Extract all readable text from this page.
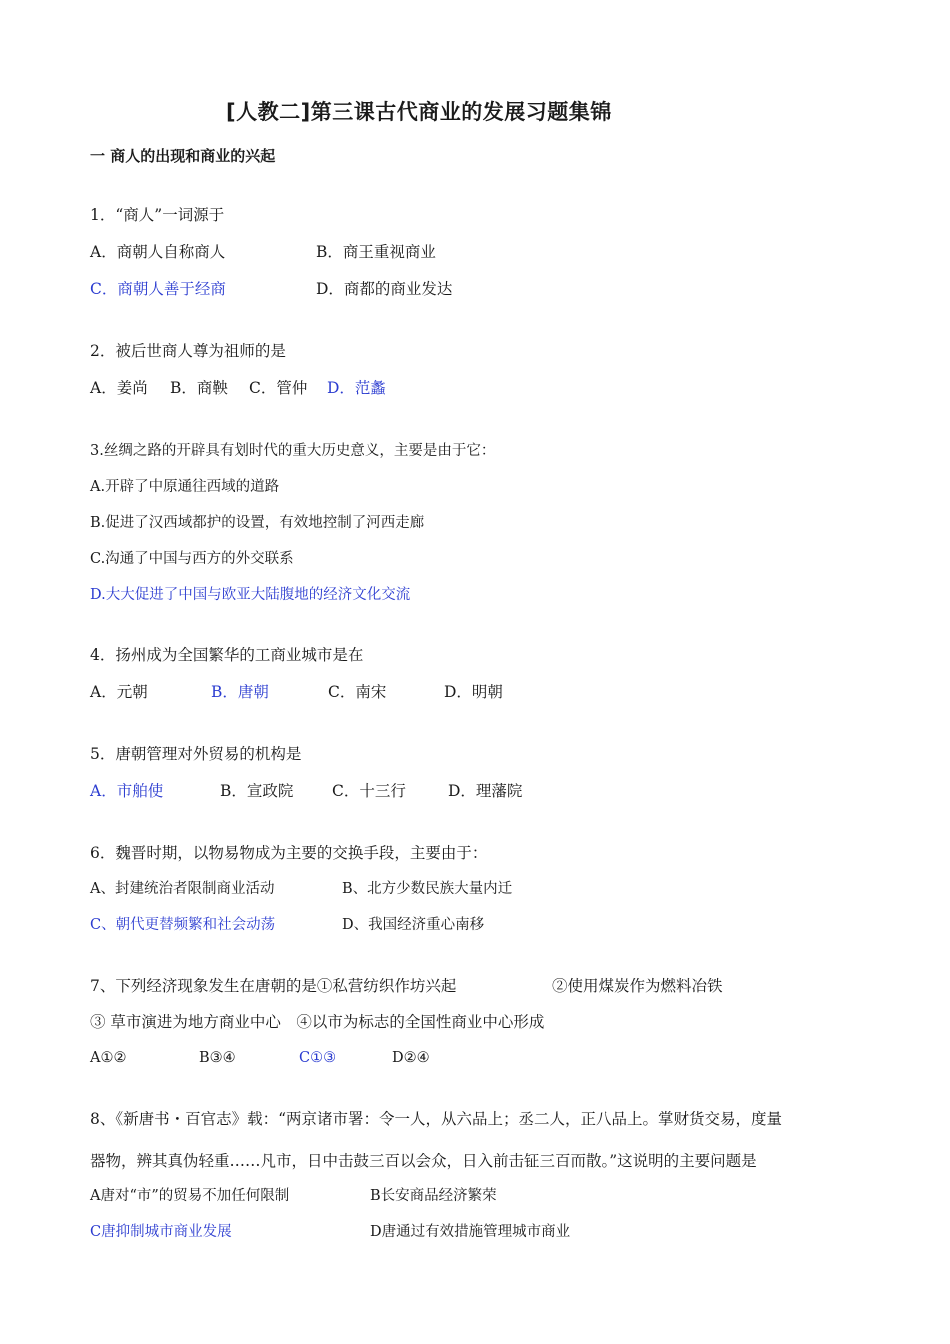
[人教二]第三课古代商业的发展习题集锦
一 商人的出现和商业的兴起
1．“商人”一词源于
A．商朝人自称商人	B．商王重视商业
C．商朝人善于经商	D．商都的商业发达
2．被后世商人尊为祖师的是
A．姜尚 B．商鞅 C．管仲 D．范蠡
3.丝绸之路的开辟具有划时代的重大历史意义，主要是由于它：
A.开辟了中原通往西域的道路
B.促进了汉西域都护的设置，有效地控制了河西走廊
C.沟通了中国与西方的外交联系
D.大大促进了中国与欧亚大陆腹地的经济文化交流
4．扬州成为全国繁华的工商业城市是在
A．元朝	B．唐朝	C．南宋	D．明朝
5．唐朝管理对外贸易的机构是
A．市舶使	B．宣政院 C．十三行	D．理藩院
6．魏晋时期，以物易物成为主要的交换手段，主要由于：
A、封建统治者限制商业活动	B、北方少数民族大量内迁
C、朝代更替频繁和社会动荡	D、我国经济重心南移
7、下列经济现象发生在唐朝的是①私营纺织作坊兴起	②使用煤炭作为燃料冶铁
③ 草市演进为地方商业中心　④以市为标志的全国性商业中心形成
A①②	B③④	C①③	D②④
8、《新唐书・百官志》载：“两京诸市署：令一人，从六品上；丞二人，正八品上。掌财货交易，度量
器物，辨其真伪轻重……凡市，日中击鼓三百以会众，日入前击钲三百而散。”这说明的主要问题是
A唐对“市”的贸易不加任何限制	B长安商品经济繁荣
C唐抑制城市商业发展	D唐通过有效措施管理城市商业
